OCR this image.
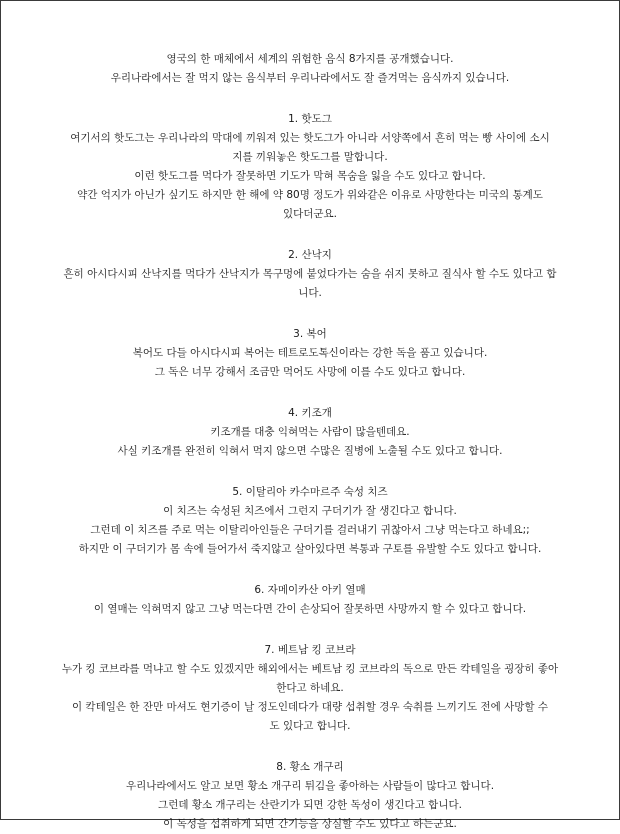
영국의 한 매체에서 세계의 위험한 음식 8가지를 공개했습니다.
우리나라에서는 잘 먹지 않는 음식부터 우리나라에서도 잘 즐겨먹는 음식까지 있습니다.
1. 핫도그
여기서의 핫도그는 우리나라의 막대에 끼워져 있는 핫도그가 아니라 서양쪽에서 흔히 먹는 빵 사이에 소시
지를 끼워놓은 핫도그를 말합니다.
이런 핫도그를 먹다가 잘못하면 기도가 막혀 목숨을 잃을 수도 있다고 합니다.
약간 억지가 아닌가 싶기도 하지만 한 해에 약 80명 정도가 위와같은 이유로 사망한다는 미국의 통계도
있다더군요.
2. 산낙지
흔히 아시다시피 산낙지를 먹다가 산낙지가 목구멍에 붙었다가는 숨을 쉬지 못하고 질식사 할 수도 있다고 합
니다.
3. 복어
복어도 다들 아시다시피 복어는 테트로도톡신이라는 강한 독을 품고 있습니다.
그 독은 너무 강해서 조금만 먹어도 사망에 이를 수도 있다고 합니다.
4. 키조개
키조개를 대충 익혀먹는 사람이 많을텐데요.
사실 키조개를 완전히 익혀서 먹지 않으면 수많은 질병에 노출될 수도 있다고 합니다.
5. 이탈리아 카수마르주 숙성 치즈
이 치즈는 숙성된 치즈에서 그런지 구더기가 잘 생긴다고 합니다.
그런데 이 치즈를 주로 먹는 이탈리아인들은 구더기를 걸러내기 귀찮아서 그냥 먹는다고 하네요;;
하지만 이 구더기가 몸 속에 들어가서 죽지않고 살아있다면 복통과 구토를 유발할 수도 있다고 합니다.
6. 자메이카산 아키 열매
이 열매는 익혀먹지 않고 그냥 먹는다면 간이 손상되어 잘못하면 사망까지 할 수 있다고 합니다.
7. 베트남 킹 코브라
누가 킹 코브라를 먹냐고 할 수도 있겠지만 해외에서는 베트남 킹 코브라의 독으로 만든 칵테일을 굉장히 좋아
한다고 하네요.
이 칵테일은 한 잔만 마셔도 현기증이 날 정도인데다가 대량 섭취할 경우 숙취를 느끼기도 전에 사망할 수
도 있다고 합니다.
8. 황소 개구리
우리나라에서도 알고 보면 황소 개구리 튀김을 좋아하는 사람들이 많다고 합니다.
그런데 황소 개구리는 산란기가 되면 강한 독성이 생긴다고 합니다.
이 독성을 섭취하게 되면 간기능을 상실할 수도 있다고 하는군요.
